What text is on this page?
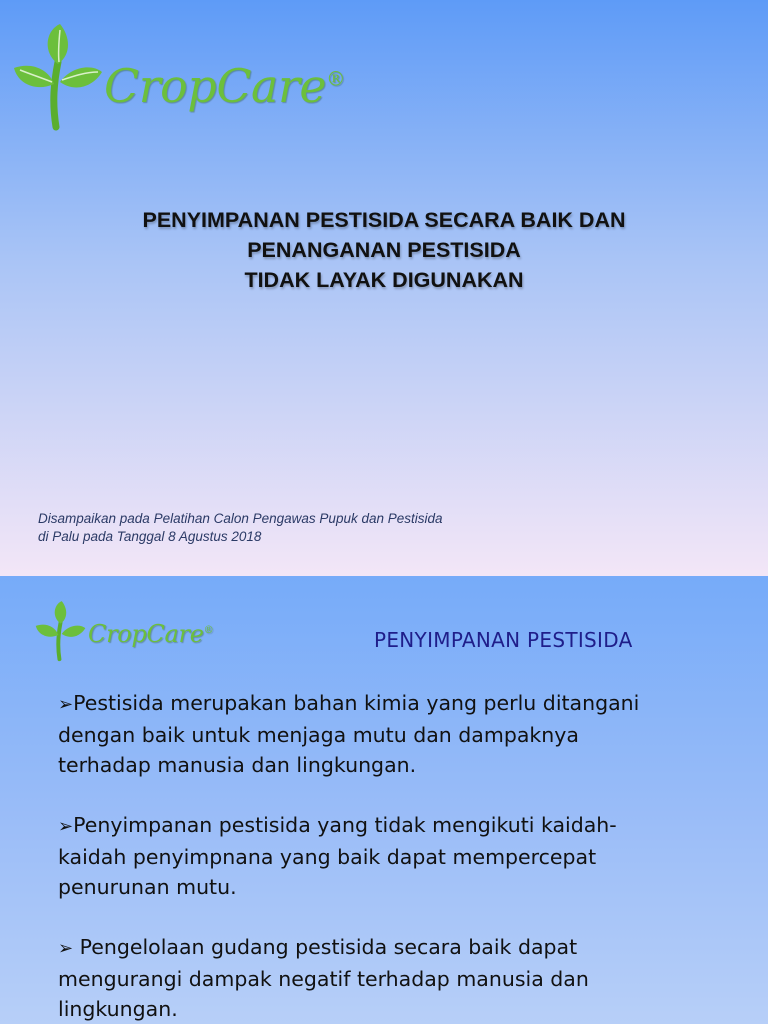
CropCare®
PENYIMPANAN PESTISIDA SECARA BAIK DAN
PENANGANAN PESTISIDA
TIDAK LAYAK DIGUNAKAN
Disampaikan pada Pelatihan Calon Pengawas Pupuk dan Pestisida
di Palu pada Tanggal 8 Agustus 2018
CropCare®	PENYIMPANAN PESTISIDA
➢Pestisida merupakan bahan kimia yang perlu ditangani
dengan baik untuk menjaga mutu dan dampaknya
terhadap manusia dan lingkungan.
➢Penyimpanan pestisida yang tidak mengikuti kaidah-
kaidah penyimpnana yang baik dapat mempercepat
penurunan mutu.
➢ Pengelolaan gudang pestisida secara baik dapat
mengurangi dampak negatif terhadap manusia dan
lingkungan.
